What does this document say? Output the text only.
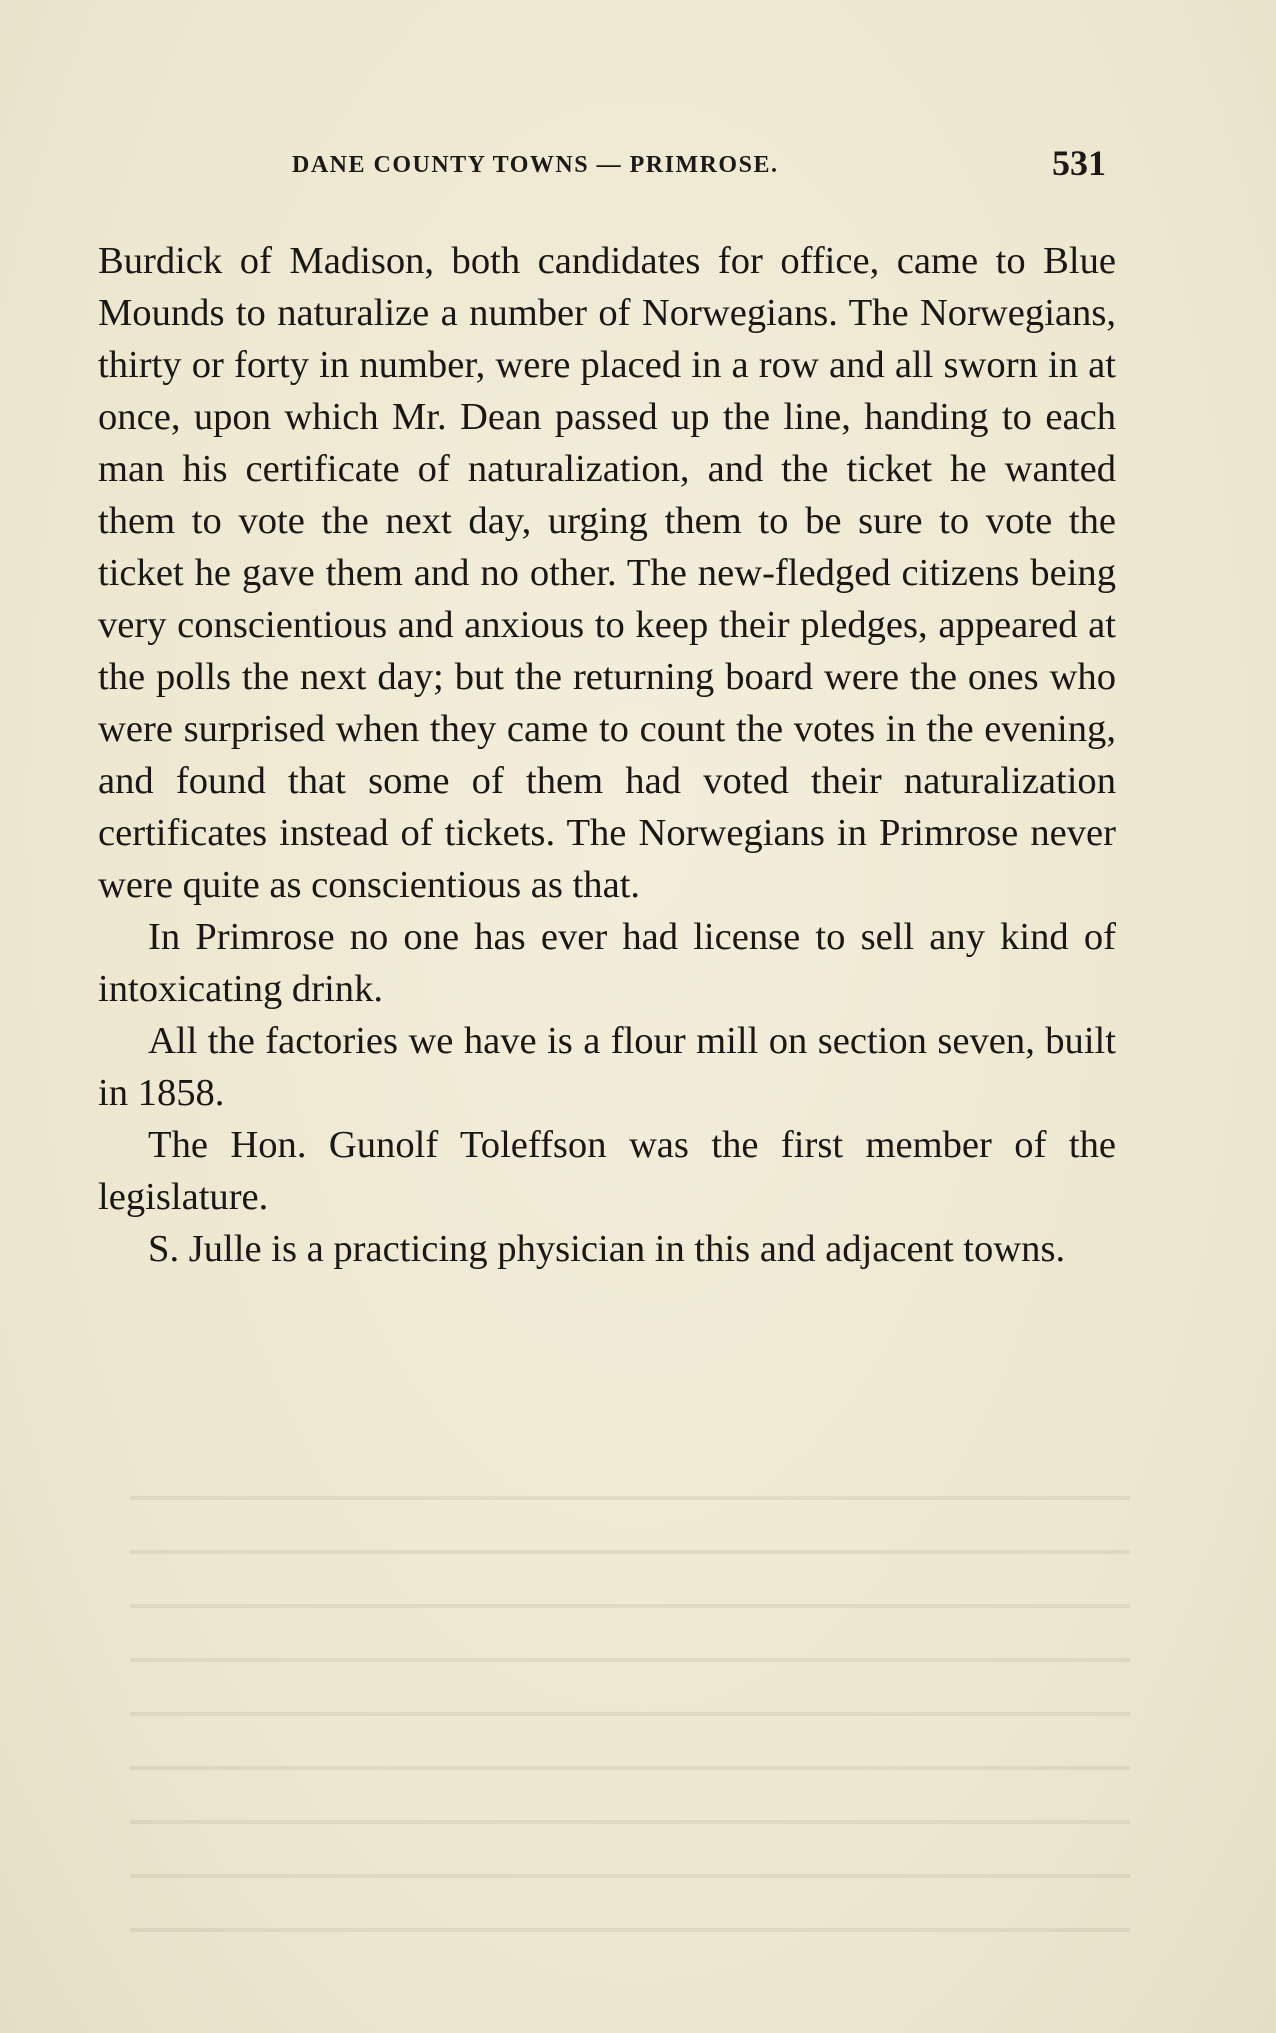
DANE COUNTY TOWNS — PRIMROSE.	531

Burdick of Madison, both candidates for office, came to Blue Mounds to naturalize a number of Norwegians. The Norwegians, thirty or forty in number, were placed in a row and all sworn in at once, upon which Mr. Dean passed up the line, handing to each man his certificate of naturalization, and the ticket he wanted them to vote the next day, urging them to be sure to vote the ticket he gave them and no other. The new-fledged citizens being very conscientious and anxious to keep their pledges, appeared at the polls the next day; but the returning board were the ones who were surprised when they came to count the votes in the evening, and found that some of them had voted their naturalization certificates instead of tickets. The Norwegians in Primrose never were quite as conscientious as that.

In Primrose no one has ever had license to sell any kind of intoxicating drink.

All the factories we have is a flour mill on section seven, built in 1858.

The Hon. Gunolf Toleffson was the first member of the legislature.

S. Julle is a practicing physician in this and adjacent towns.
